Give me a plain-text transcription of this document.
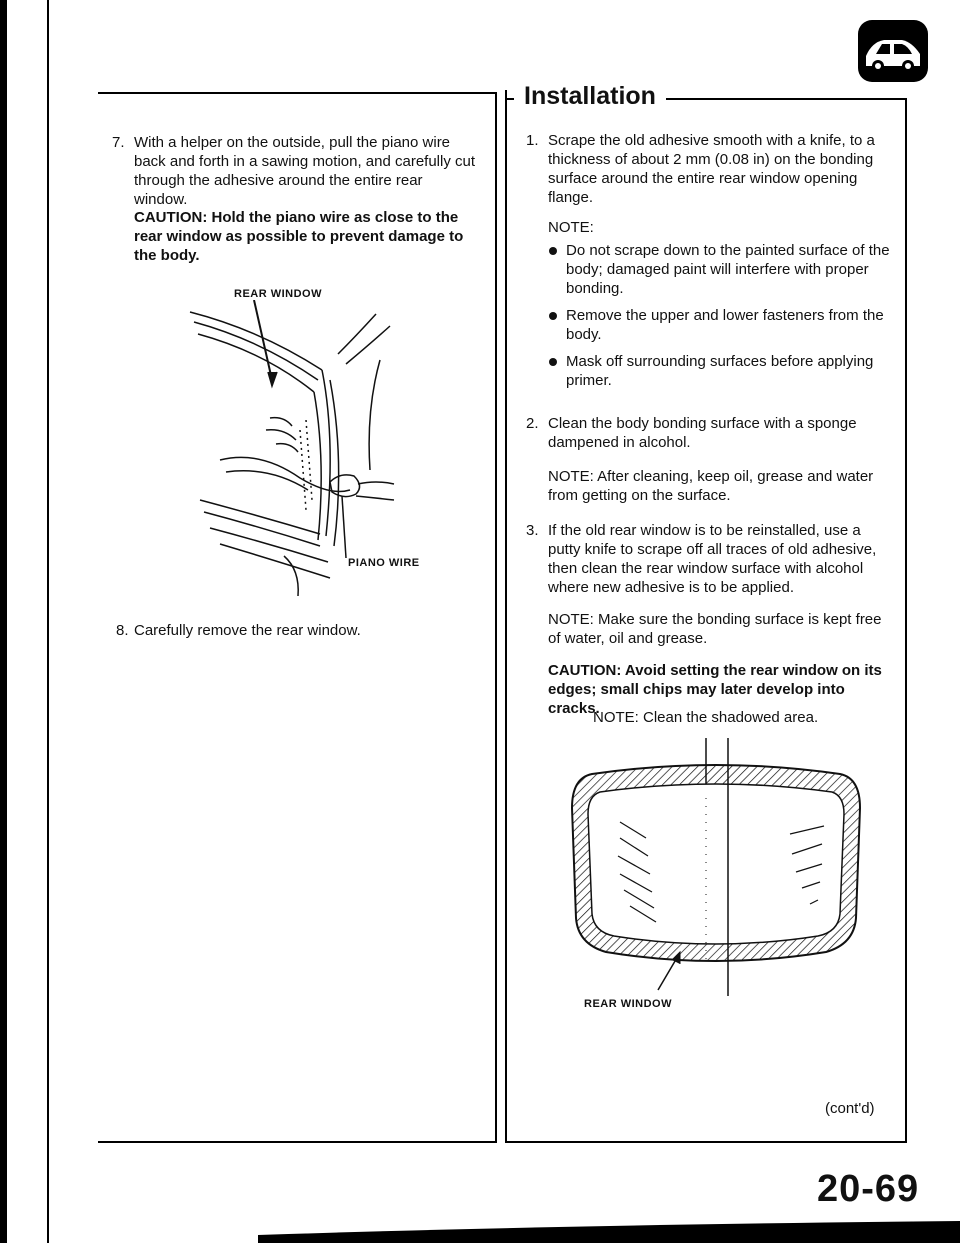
7. With a helper on the outside, pull the piano wire back and forth in a sawing motion, and carefully cut through the adhesive around the entire rear window.
CAUTION: Hold the piano wire as close to the rear window as possible to prevent damage to the body.
REAR WINDOW
PIANO WIRE
8. Carefully remove the rear window.
Installation
1. Scrape the old adhesive smooth with a knife, to a thickness of about 2 mm (0.08 in) on the bonding surface around the entire rear window opening flange.
NOTE:
Do not scrape down to the painted surface of the body; damaged paint will interfere with proper bonding.
Remove the upper and lower fasteners from the body.
Mask off surrounding surfaces before applying primer.
2. Clean the body bonding surface with a sponge dampened in alcohol.
NOTE: After cleaning, keep oil, grease and water from getting on the surface.
3. If the old rear window is to be reinstalled, use a putty knife to scrape off all traces of old adhesive, then clean the rear window surface with alcohol where new adhesive is to be applied.
NOTE: Make sure the bonding surface is kept free of water, oil and grease.
CAUTION: Avoid setting the rear window on its edges; small chips may later develop into cracks.
NOTE: Clean the shadowed area.
REAR WINDOW
(cont'd)
20-69
